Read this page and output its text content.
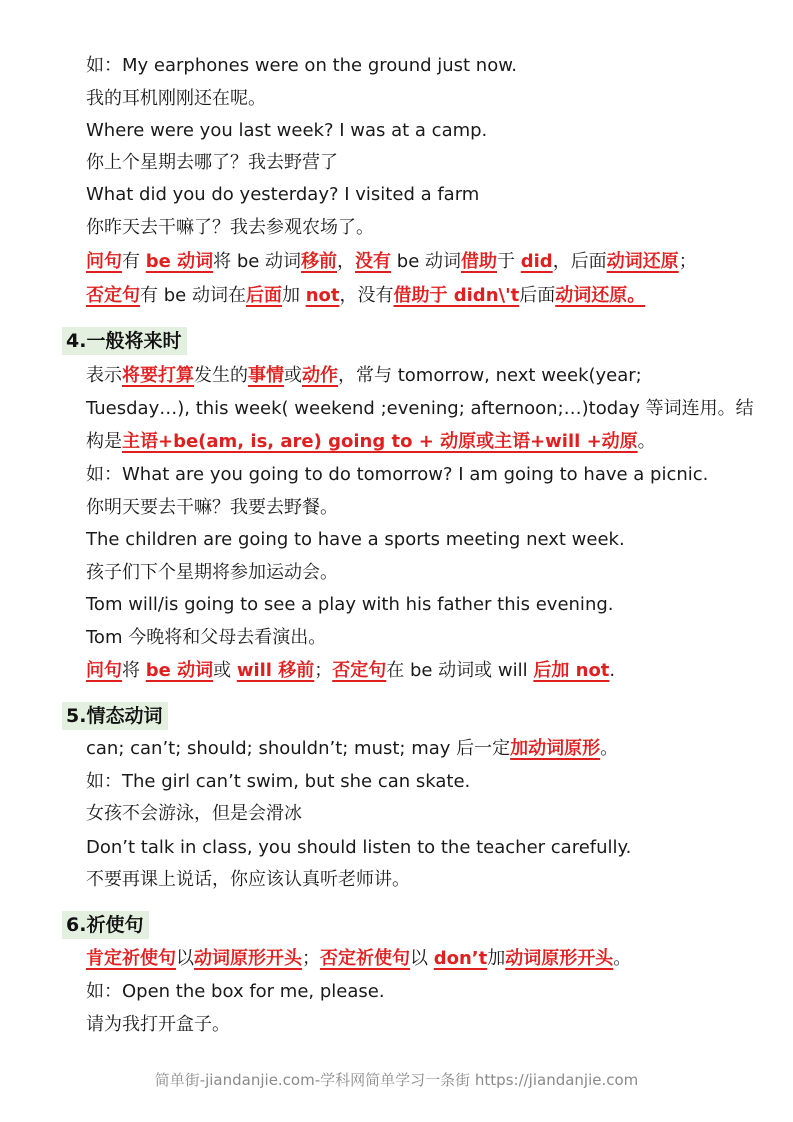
如：My earphones were on the ground just now.
我的耳机刚刚还在呢。
Where were you last week? I was at a camp.
你上个星期去哪了？我去野营了
What did you do yesterday? I visited a farm
你昨天去干嘛了？我去参观农场了。
问句有 be 动词将 be 动词移前，没有 be 动词借助于 did，后面动词还原；
否定句有 be 动词在后面加 not，没有借助于 didn\'t后面动词还原。
4.一般将来时
表示将要打算发生的事情或动作，常与 tomorrow, next week(year;
Tuesday…), this week( weekend ;evening; afternoon;…)today 等词连用。结
构是主语+be(am, is, are) going to + 动原或主语+will +动原。
如：What are you going to do tomorrow? I am going to have a picnic.
你明天要去干嘛？我要去野餐。
The children are going to have a sports meeting next week.
孩子们下个星期将参加运动会。
Tom will/is going to see a play with his father this evening.
Tom 今晚将和父母去看演出。
问句将 be 动词或 will 移前；否定句在 be 动词或 will 后加 not.
5.情态动词
can; can’t; should; shouldn’t; must; may 后一定加动词原形。
如：The girl can’t swim, but she can skate.
女孩不会游泳，但是会滑冰
Don’t talk in class, you should listen to the teacher carefully.
不要再课上说话，你应该认真听老师讲。
6.祈使句
肯定祈使句以动词原形开头；否定祈使句以 don’t加动词原形开头。
如：Open the box for me, please.
请为我打开盒子。
简单街-jiandanjie.com-学科网简单学习一条街 https://jiandanjie.com
